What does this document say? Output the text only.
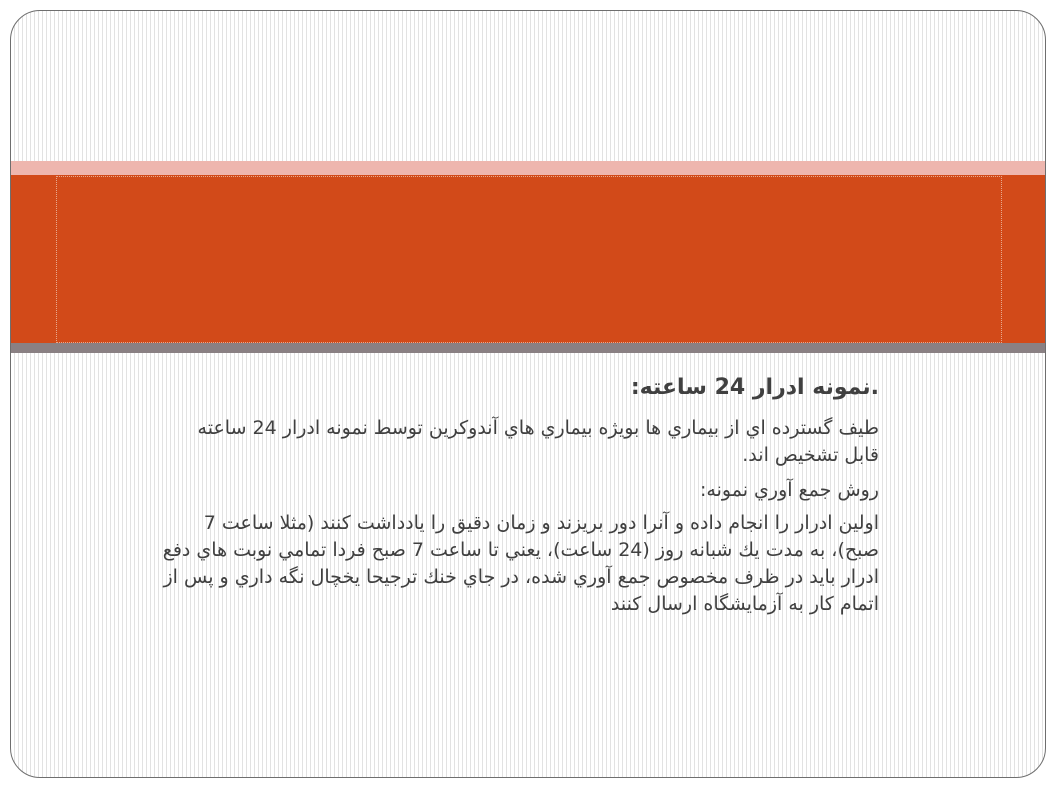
.نمونه ادرار 24 ساعته:
طيف گسترده اي از بيماري ها بويژه بيماري هاي آندوكرين توسط نمونه ادرار 24 ساعته قابل تشخيص اند.
روش جمع آوري نمونه:
اولين ادرار را انجام داده و آنرا دور بريزند و زمان دقيق را يادداشت كنند (مثلا ساعت 7 صبح)، به مدت يك شبانه روز (24 ساعت)، يعني تا ساعت 7 صبح فردا تمامي نوبت هاي دفع ادرار بايد در ظرف مخصوص جمع آوري شده، در جاي خنك ترجيحا يخچال نگه داري و پس از اتمام كار به آزمايشگاه ارسال كنند
